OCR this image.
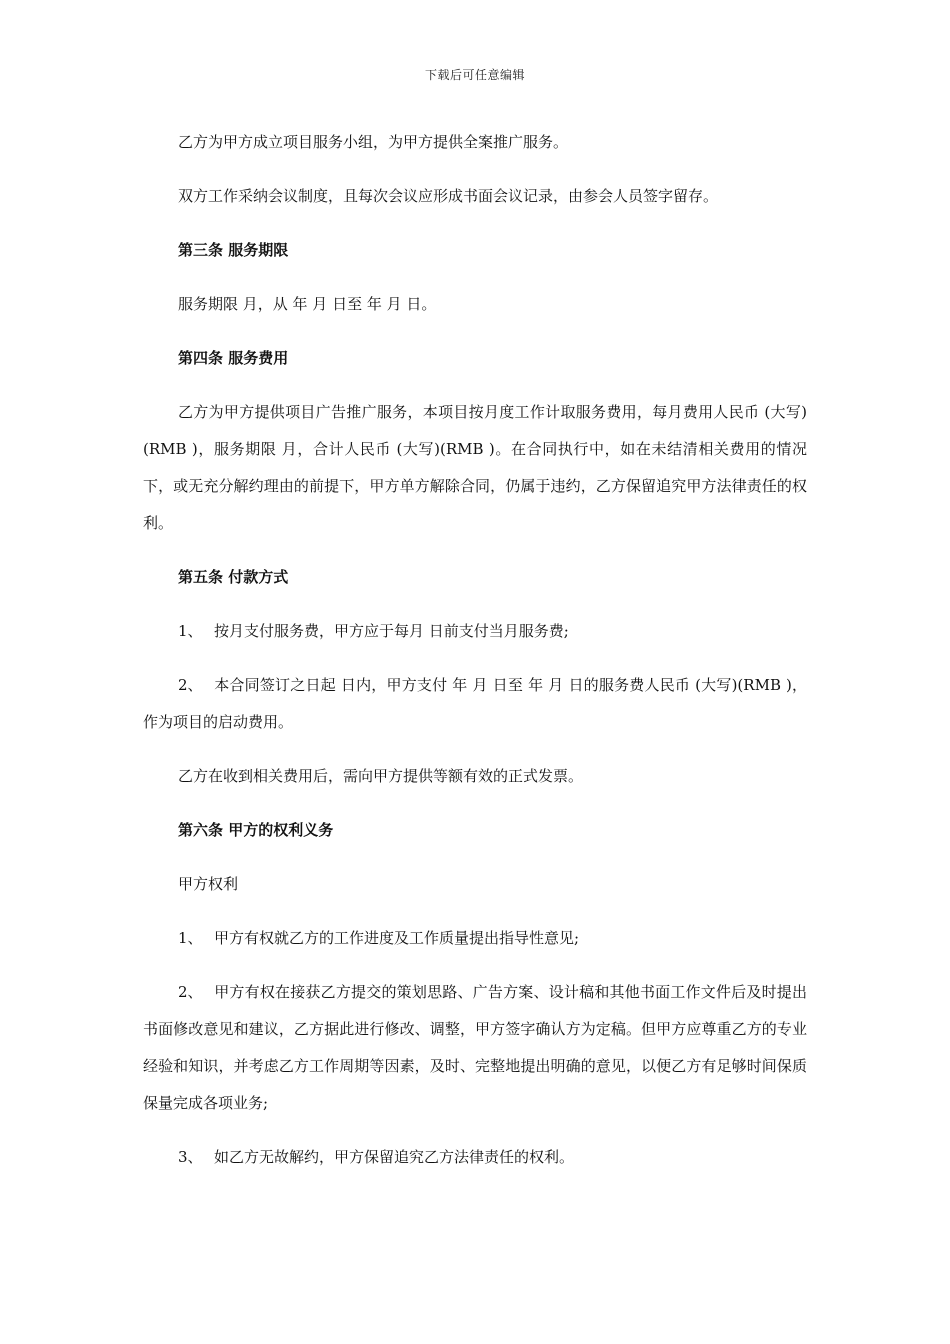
下载后可任意编辑

乙方为甲方成立项目服务小组，为甲方提供全案推广服务。

双方工作采纳会议制度，且每次会议应形成书面会议记录，由参会人员签字留存。

第三条 服务期限

服务期限 月，从 年 月 日至 年 月 日。

第四条 服务费用

乙方为甲方提供项目广告推广服务，本项目按月度工作计取服务费用，每月费用人民币 (大写)(RMB )，服务期限 月，合计人民币 (大写)(RMB )。在合同执行中，如在未结清相关费用的情况下，或无充分解约理由的前提下，甲方单方解除合同，仍属于违约，乙方保留追究甲方法律责任的权利。

第五条 付款方式

1、 按月支付服务费，甲方应于每月 日前支付当月服务费;

2、 本合同签订之日起 日内，甲方支付 年 月 日至 年 月 日的服务费人民币 (大写)(RMB )，作为项目的启动费用。

乙方在收到相关费用后，需向甲方提供等额有效的正式发票。

第六条 甲方的权利义务

甲方权利

1、 甲方有权就乙方的工作进度及工作质量提出指导性意见;

2、 甲方有权在接获乙方提交的策划思路、广告方案、设计稿和其他书面工作文件后及时提出书面修改意见和建议，乙方据此进行修改、调整，甲方签字确认方为定稿。但甲方应尊重乙方的专业经验和知识，并考虑乙方工作周期等因素，及时、完整地提出明确的意见，以便乙方有足够时间保质保量完成各项业务;

3、 如乙方无故解约，甲方保留追究乙方法律责任的权利。
